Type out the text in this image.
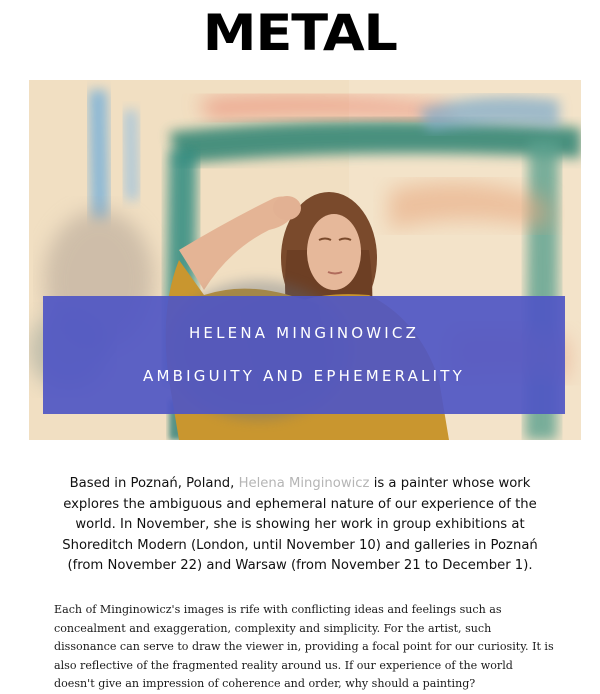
METAL
HELENA MINGINOWICZ
AMBIGUITY AND EPHEMERALITY

Based in Poznań, Poland, Helena Minginowicz is a painter whose work explores the ambiguous and ephemeral nature of our experience of the world. In November, she is showing her work in group exhibitions at Shoreditch Modern (London, until November 10) and galleries in Poznań (from November 22) and Warsaw (from November 21 to December 1).

Each of Minginowicz's images is rife with conflicting ideas and feelings such as concealment and exaggeration, complexity and simplicity. For the artist, such dissonance can serve to draw the viewer in, providing a focal point for our curiosity. It is also reflective of the fragmented reality around us. If our experience of the world doesn't give an impression of coherence and order, why should a painting?
